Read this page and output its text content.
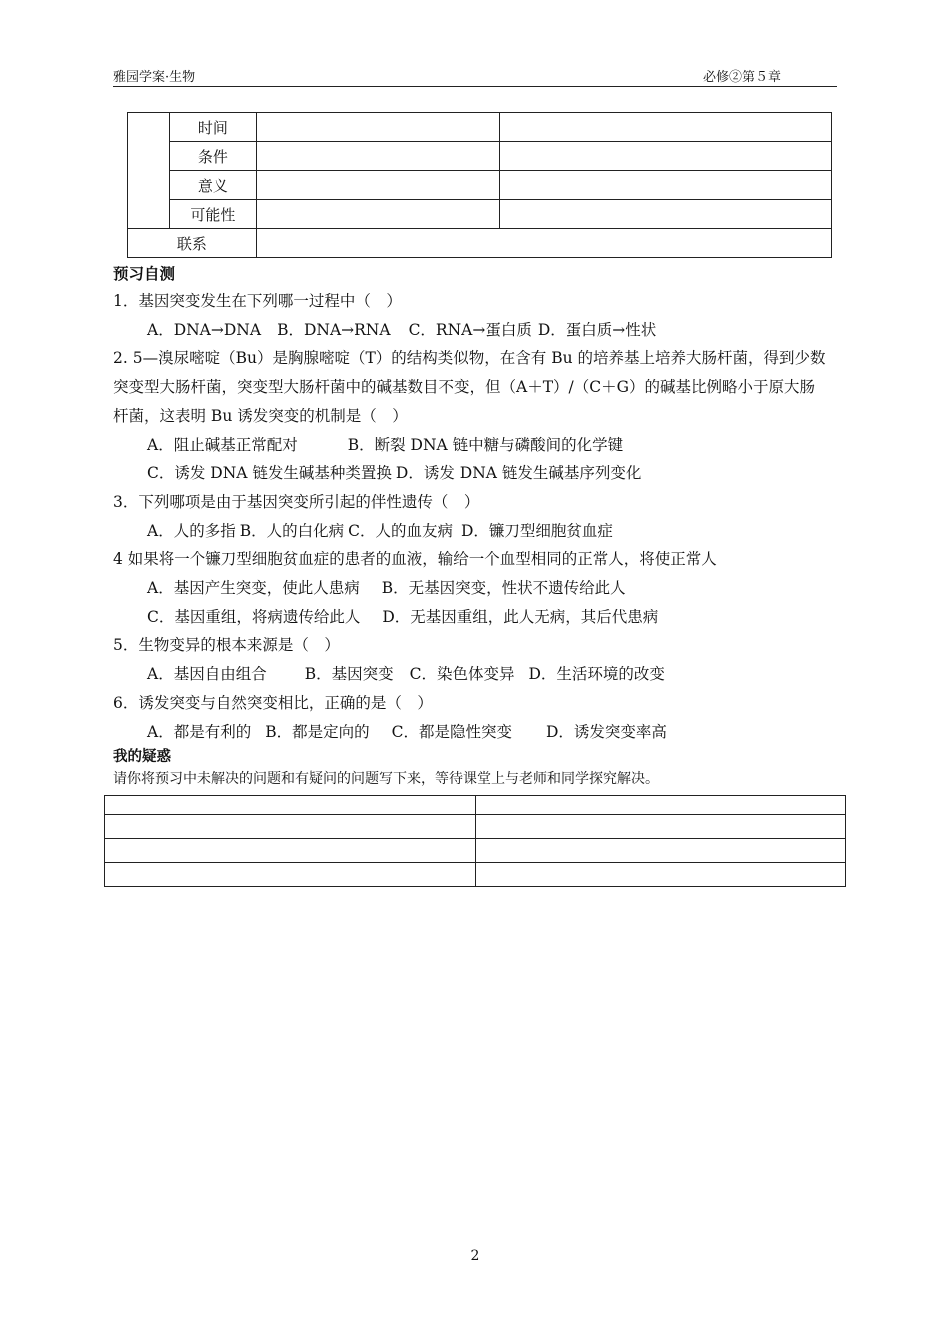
雅园学案·生物	必修②第５章
	时间		
	条件		
	意义		
	可能性		
联系			
预习自测
1．基因突变发生在下列哪一过程中（　）
A．DNA→DNA B．DNA→RNA C．RNA→蛋白质 D．蛋白质→性状
2. 5—溴尿嘧啶（Bu）是胸腺嘧啶（T）的结构类似物，在含有 Bu 的培养基上培养大肠杆菌，得到少数
突变型大肠杆菌，突变型大肠杆菌中的碱基数目不变，但（A＋T）/（C＋G）的碱基比例略小于原大肠
杆菌，这表明 Bu 诱发突变的机制是（　）
A．阻止碱基正常配对	B．断裂 DNA 链中糖与磷酸间的化学键
C．诱发 DNA 链发生碱基种类置换 D．诱发 DNA 链发生碱基序列变化
3．下列哪项是由于基因突变所引起的伴性遗传（　）
A．人的多指 B．人的白化病 C．人的血友病 D．镰刀型细胞贫血症
4 如果将一个镰刀型细胞贫血症的患者的血液，输给一个血型相同的正常人，将使正常人
A．基因产生突变，使此人患病 B．无基因突变，性状不遗传给此人
C．基因重组，将病遗传给此人 D．无基因重组，此人无病，其后代患病
5．生物变异的根本来源是（　）
A．基因自由组合 B．基因突变 C．染色体变异 D．生活环境的改变
6．诱发突变与自然突变相比，正确的是（　）
A．都是有利的 B．都是定向的 C．都是隐性突变 D．诱发突变率高
我的疑惑
请你将预习中未解决的问题和有疑问的问题写下来，等待课堂上与老师和同学探究解决。

2
